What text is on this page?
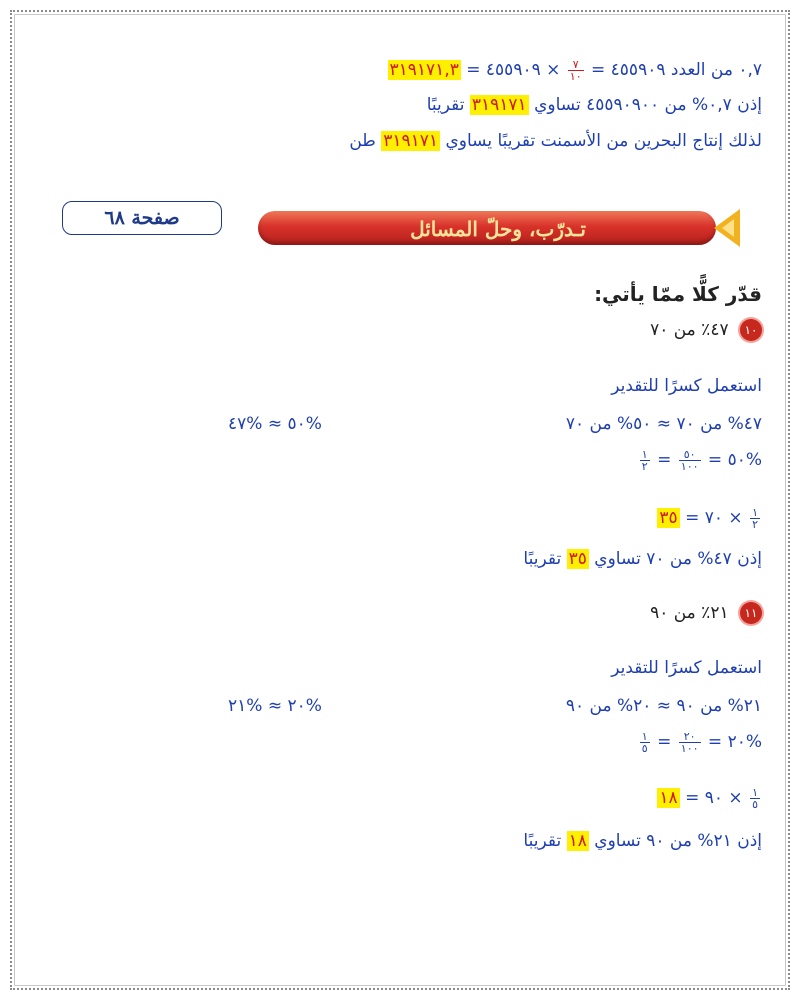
٠,٧ من العدد ٤٥٥٩٠٩ =
$\frac{٧}{١٠}$
× ٤٥٥٩٠٩ = ٣١٩١٧١,٣
إذن ٠,٧% من ٤٥٥٩٠٩٠٠ تساوي ٣١٩١٧١ تقريبًا
لذلك إنتاج البحرين من الأسمنت تقريبًا يساوي ٣١٩١٧١ طن
صفحة ٦٨	تـدرّب، وحلّ المسائل
قدّر كلًّا ممّا يأتي:
١٠ ٤٧٪ من ٧٠
استعمل كسرًا للتقدير
٤٧% من ٧٠ ≈ ٥٠% من ٧٠
%٥٠ ≈ %٤٧
%٥٠ =
$\frac{٥٠}{١٠٠}$
=
$\frac{١}{٢}$
$\frac{١}{٢}$
× ٧٠ = ٣٥
إذن ٤٧% من ٧٠ تساوي ٣٥ تقريبًا
١١ ٢١٪ من ٩٠
استعمل كسرًا للتقدير
٢١% من ٩٠ ≈ ٢٠% من ٩٠
%٢٠ ≈ %٢١
%٢٠ =
$\frac{٢٠}{١٠٠}$
=
$\frac{١}{٥}$
$\frac{١}{٥}$
× ٩٠ = ١٨
إذن ٢١% من ٩٠ تساوي ١٨ تقريبًا
